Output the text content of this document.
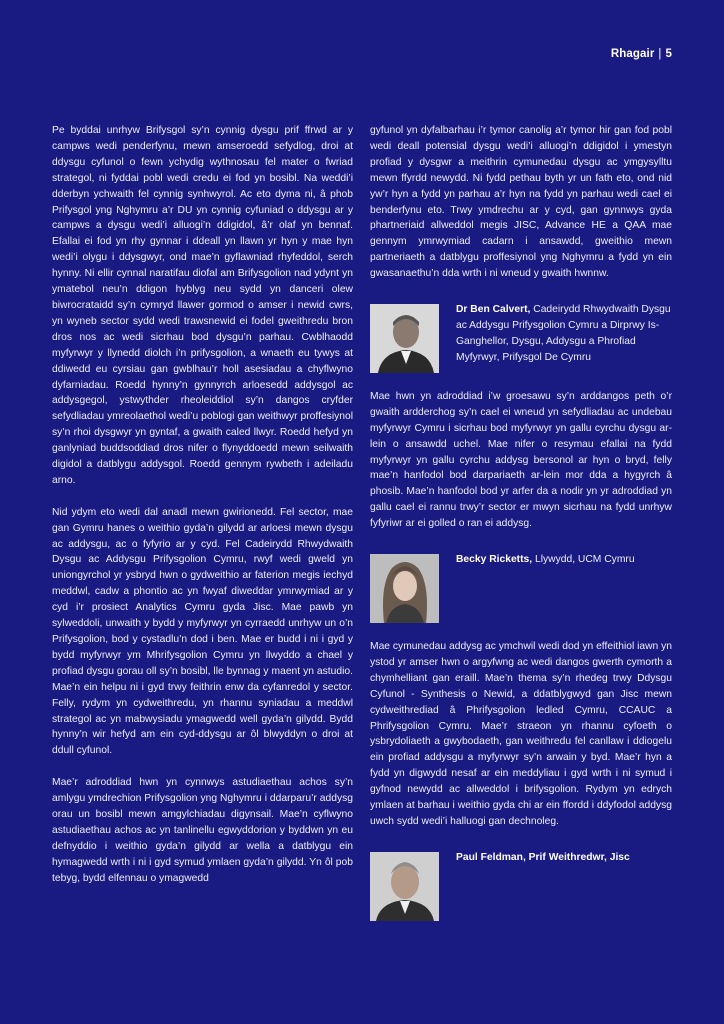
Rhagair | 5

Pe byddai unrhyw Brifysgol sy’n cynnig dysgu prif ffrwd ar y campws wedi penderfynu, mewn amseroedd sefydlog, droi at ddysgu cyfunol o fewn ychydig wythnosau fel mater o fwriad strategol, ni fyddai pobl wedi credu ei fod yn bosibl. Na weddi’i dderbyn ychwaith fel cynnig synhwyrol. Ac eto dyma ni, â phob Prifysgol yng Nghymru a’r DU yn cynnig cyfuniad o ddysgu ar y campws a dysgu wedi’i alluogi’n ddigidol, â’r olaf yn bennaf. Efallai ei fod yn rhy gynnar i ddeall yn llawn yr hyn y mae hyn wedi’i olygu i ddysgwyr, ond mae’n gyflawniad rhyfeddol, serch hynny. Ni ellir cynnal naratifau diofal am Brifysgolion nad ydynt yn ymatebol neu’n ddigon hyblyg neu sydd yn danceri olew biwrocrataidd sy’n cymryd llawer gormod o amser i newid cwrs, yn wyneb sector sydd wedi trawsnewid ei fodel gweithredu bron dros nos ac wedi sicrhau bod dysgu’n parhau. Cwblhaodd myfyrwyr y llynedd diolch i’n prifysgolion, a wnaeth eu tywys at ddiwedd eu cyrsiau gan gwblhau’r holl asesiadau a chyflwyno dyfarniadau. Roedd hynny’n gynnyrch arloesedd addysgol ac addysgegol, ystwythder rheoleiddiol sy’n dangos cryfder sefydliadau ymreolaethol wedi’u poblogi gan weithwyr proffesiynol sy’n rhoi dysgwyr yn gyntaf, a gwaith caled llwyr. Roedd hefyd yn ganlyniad buddsoddiad dros nifer o flynyddoedd mewn seilwaith digidol a datblygu addysgol. Roedd gennym rywbeth i adeiladu arno.

Nid ydym eto wedi dal anadl mewn gwirionedd. Fel sector, mae gan Gymru hanes o weithio gyda’n gilydd ar arloesi mewn dysgu ac addysgu, ac o fyfyrio ar y cyd. Fel Cadeirydd Rhwydwaith Dysgu ac Addysgu Prifysgolion Cymru, rwyf wedi gweld yn uniongyrchol yr ysbryd hwn o gydweithio ar faterion megis iechyd meddwl, cadw a phontio ac yn fwyaf diweddar ymrwymiad ar y cyd i’r prosiect Analytics Cymru gyda Jisc. Mae pawb yn sylweddoli, unwaith y bydd y myfyrwyr yn cyrraedd unrhyw un o’n Prifysgolion, bod y cystadlu’n dod i ben. Mae er budd i ni i gyd y bydd myfyrwyr ym Mhrifysgolion Cymru yn llwyddo a chael y profiad dysgu gorau oll sy’n bosibl, lle bynnag y maent yn astudio. Mae’n ein helpu ni i gyd trwy feithrin enw da cyfanredol y sector. Felly, rydym yn cydweithredu, yn rhannu syniadau a meddwl strategol ac yn mabwysiadu ymagwedd well gyda’n gilydd. Bydd hynny’n wir hefyd am ein cyd-ddysgu ar ôl blwyddyn o droi at ddull cyfunol.

Mae’r adroddiad hwn yn cynnwys astudiaethau achos sy’n amlygu ymdrechion Prifysgolion yng Nghymru i ddarparu’r addysg orau un bosibl mewn amgylchiadau digynsail. Mae’n cyflwyno astudiaethau achos ac yn tanlinellu egwyddorion y byddwn yn eu defnyddio i weithio gyda’n gilydd ar wella a datblygu ein hymagwedd wrth i ni i gyd symud ymlaen gyda’n gilydd. Yn ôl pob tebyg, bydd elfennau o ymagwedd

gyfunol yn dyfalbarhau i’r tymor canolig a’r tymor hir gan fod pobl wedi deall potensial dysgu wedi’i alluogi’n ddigidol i ymestyn profiad y dysgwr a meithrin cymunedau dysgu ac ymgysylltu mewn ffyrdd newydd. Ni fydd pethau byth yr un fath eto, ond nid yw’r hyn a fydd yn parhau a’r hyn na fydd yn parhau wedi cael ei benderfynu eto. Trwy ymdrechu ar y cyd, gan gynnwys gyda phartneriaid allweddol megis JISC, Advance HE a QAA mae gennym ymrwymiad cadarn i ansawdd, gweithio mewn partneriaeth a datblygu proffesiynol yng Nghymru a fydd yn ein gwasanaethu’n dda wrth i ni wneud y gwaith hwnnw.

Dr Ben Calvert, Cadeirydd Rhwydwaith Dysgu ac Addysgu Prifysgolion Cymru a Dirprwy Is-Ganghellor, Dysgu, Addysgu a Phrofiad Myfyrwyr, Prifysgol De Cymru

Mae hwn yn adroddiad i’w groesawu sy’n arddangos peth o’r gwaith ardderchog sy’n cael ei wneud yn sefydliadau ac undebau myfyrwyr Cymru i sicrhau bod myfyrwyr yn gallu cyrchu dysgu ar-lein o ansawdd uchel. Mae nifer o resymau efallai na fydd myfyrwyr yn gallu cyrchu addysg bersonol ar hyn o bryd, felly mae’n hanfodol bod darpariaeth ar-lein mor dda a hygyrch â phosib. Mae’n hanfodol bod yr arfer da a nodir yn yr adroddiad yn gallu cael ei rannu trwy’r sector er mwyn sicrhau na fydd unrhyw fyfyriwr ar ei golled o ran ei addysg.

Becky Ricketts, Llywydd, UCM Cymru

Mae cymunedau addysg ac ymchwil wedi dod yn effeithiol iawn yn ystod yr amser hwn o argyfwng ac wedi dangos gwerth cymorth a chymhelliant gan eraill. Mae’n thema sy’n rhedeg trwy Ddysgu Cyfunol - Synthesis o Newid, a ddatblygwyd gan Jisc mewn cydweithrediad â Phrifysgolion ledled Cymru, CCAUC a Phrifysgolion Cymru. Mae’r straeon yn rhannu cyfoeth o ysbrydoliaeth a gwybodaeth, gan weithredu fel canllaw i ddiogelu ein profiad addysgu a myfyrwyr sy’n arwain y byd. Mae’r hyn a fydd yn digwydd nesaf ar ein meddyliau i gyd wrth i ni symud i gyfnod newydd ac allweddol i brifysgolion. Rydym yn edrych ymlaen at barhau i weithio gyda chi ar ein ffordd i ddyfodol addysg uwch sydd wedi’i halluogi gan dechnoleg.

Paul Feldman, Prif Weithredwr, Jisc
